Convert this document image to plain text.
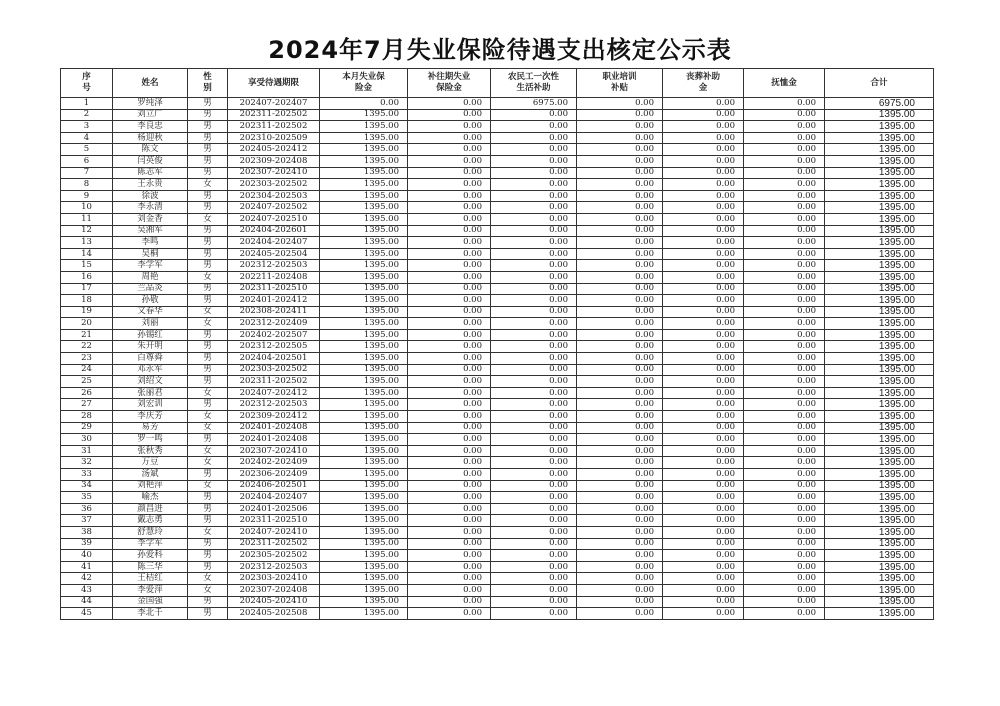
2024年7月失业保险待遇支出核定公示表
序号	姓名	性别	享受待遇期限	本月失业保险金	补往期失业保险金	农民工一次性生活补助	职业培训补贴	丧葬补助金	抚恤金	合计
1	罗纯泽	男	202407-202407	0.00	0.00	6975.00	0.00	0.00	0.00	6975.00
2	刘立广	男	202311-202502	1395.00	0.00	0.00	0.00	0.00	0.00	1395.00
3	李良忠	男	202311-202502	1395.00	0.00	0.00	0.00	0.00	0.00	1395.00
4	杨迎秋	男	202310-202509	1395.00	0.00	0.00	0.00	0.00	0.00	1395.00
5	陈文	男	202405-202412	1395.00	0.00	0.00	0.00	0.00	0.00	1395.00
6	闫英俊	男	202309-202408	1395.00	0.00	0.00	0.00	0.00	0.00	1395.00
7	陈志军	男	202307-202410	1395.00	0.00	0.00	0.00	0.00	0.00	1395.00
8	王永贵	女	202303-202502	1395.00	0.00	0.00	0.00	0.00	0.00	1395.00
9	徐波	男	202304-202503	1395.00	0.00	0.00	0.00	0.00	0.00	1395.00
10	李永清	男	202407-202502	1395.00	0.00	0.00	0.00	0.00	0.00	1395.00
11	刘金香	女	202407-202510	1395.00	0.00	0.00	0.00	0.00	0.00	1395.00
12	吴湘军	男	202404-202601	1395.00	0.00	0.00	0.00	0.00	0.00	1395.00
13	李鸣	男	202404-202407	1395.00	0.00	0.00	0.00	0.00	0.00	1395.00
14	吴桐	男	202405-202504	1395.00	0.00	0.00	0.00	0.00	0.00	1395.00
15	李学军	男	202312-202503	1395.00	0.00	0.00	0.00	0.00	0.00	1395.00
16	周艳	女	202211-202408	1395.00	0.00	0.00	0.00	0.00	0.00	1395.00
17	兰品炎	男	202311-202510	1395.00	0.00	0.00	0.00	0.00	0.00	1395.00
18	孙敬	男	202401-202412	1395.00	0.00	0.00	0.00	0.00	0.00	1395.00
19	文春华	女	202308-202411	1395.00	0.00	0.00	0.00	0.00	0.00	1395.00
20	刘丽	女	202312-202409	1395.00	0.00	0.00	0.00	0.00	0.00	1395.00
21	孙锡红	男	202402-202507	1395.00	0.00	0.00	0.00	0.00	0.00	1395.00
22	朱开明	男	202312-202505	1395.00	0.00	0.00	0.00	0.00	0.00	1395.00
23	白尊舜	男	202404-202501	1395.00	0.00	0.00	0.00	0.00	0.00	1395.00
24	邓永军	男	202303-202502	1395.00	0.00	0.00	0.00	0.00	0.00	1395.00
25	刘绍文	男	202311-202502	1395.00	0.00	0.00	0.00	0.00	0.00	1395.00
26	张丽君	女	202407-202412	1395.00	0.00	0.00	0.00	0.00	0.00	1395.00
27	刘宏训	男	202312-202503	1395.00	0.00	0.00	0.00	0.00	0.00	1395.00
28	李庆芳	女	202309-202412	1395.00	0.00	0.00	0.00	0.00	0.00	1395.00
29	易芳	女	202401-202408	1395.00	0.00	0.00	0.00	0.00	0.00	1395.00
30	罗一鸣	男	202401-202408	1395.00	0.00	0.00	0.00	0.00	0.00	1395.00
31	张秋秀	女	202307-202410	1395.00	0.00	0.00	0.00	0.00	0.00	1395.00
32	万豆	女	202402-202409	1395.00	0.00	0.00	0.00	0.00	0.00	1395.00
33	汤斌	男	202306-202409	1395.00	0.00	0.00	0.00	0.00	0.00	1395.00
34	刘艳萍	女	202406-202501	1395.00	0.00	0.00	0.00	0.00	0.00	1395.00
35	喻杰	男	202404-202407	1395.00	0.00	0.00	0.00	0.00	0.00	1395.00
36	颜昌进	男	202401-202506	1395.00	0.00	0.00	0.00	0.00	0.00	1395.00
37	戴志勇	男	202311-202510	1395.00	0.00	0.00	0.00	0.00	0.00	1395.00
38	舒慧玲	女	202407-202410	1395.00	0.00	0.00	0.00	0.00	0.00	1395.00
39	李学军	男	202311-202502	1395.00	0.00	0.00	0.00	0.00	0.00	1395.00
40	孙爱科	男	202305-202502	1395.00	0.00	0.00	0.00	0.00	0.00	1395.00
41	陈三华	男	202312-202503	1395.00	0.00	0.00	0.00	0.00	0.00	1395.00
42	王桔红	女	202303-202410	1395.00	0.00	0.00	0.00	0.00	0.00	1395.00
43	李爱萍	女	202307-202408	1395.00	0.00	0.00	0.00	0.00	0.00	1395.00
44	金国强	男	202405-202410	1395.00	0.00	0.00	0.00	0.00	0.00	1395.00
45	李北千	男	202405-202508	1395.00	0.00	0.00	0.00	0.00	0.00	1395.00
